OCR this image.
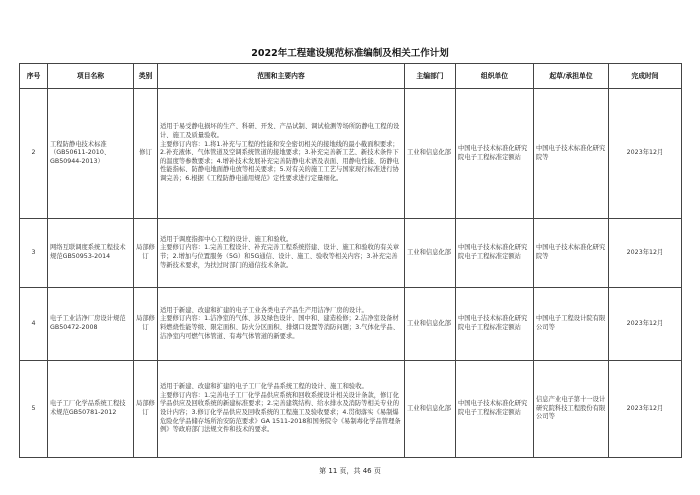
2022年工程建设规范标准编制及相关工作计划
序号	项目名称	类别	范围和主要内容	主编部门	组织单位	起草/承担单位	完成时间
2	工程防静电技术标准（GB50611-2010、GB50944-2013）	修订	适用于易受静电损坏的生产、科研、开发、产品试制、调试检测等场所防静电工程的设计、施工及质量验收。
主要修订内容：1.将1.补充与工程的性能和安全密切相关的接地线的最小截面积要求；2.补充液体、气体管道及空调系统管道的接地要求；3.补充完善新工艺、新技术条件下的温度等参数要求；4.增补技术发展补充完善防静电术语及表面、用静电性能、防静电性能指标、防静电地面静电放等相关要求；5.对有关的施工工艺与国家现行标准进行协调完善；6.根据《工程防静电通用规范》定性要求进行定量细化。	工业和信息化部	中国电子技术标准化研究院电子工程标准定额站	中国电子技术标准化研究院等	2023年12月
3	网络互联调度系统工程技术规范GB50953-2014	局部修订	适用于调度指挥中心工程的设计、施工和验收。
主要修订内容：1.完善工程设计、补充完善工程系统搭建、设计、施工和验收的有关章节；2.增加与位置服务（5G）和5G通信、设计、施工、验收等相关内容；3.补充完善等新技术要求，为扶过时部门的通信技术条款。	工业和信息化部	中国电子技术标准化研究院电子工程标准定额站	中国电子技术标准化研究院等	2023年12月
4	电子工业洁净厂房设计规范GB50472-2008	局部修订	适用于新建、改建和扩建的电子工业各类电子产品生产用洁净厂房的设计。
主要修订内容：1.洁净室的气体、涉及绿色设计、国中和、建造检修；2.洁净室设备材料燃烧性能等级、限定面积、防火分区面积、排烟口设置等消防问题；3.气体化学品、洁净室内可燃气体管道、有毒气体管道的新要求。	工业和信息化部	中国电子技术标准化研究院电子工程标准定额站	中国电子工程设计院有限公司等	2023年12月
5	电子工厂化学品系统工程技术规范GB50781-2012	局部修订	适用于新建、改建和扩建的电子工厂化学品系统工程的设计、施工和验收。
主要修订内容：1.完善电子工厂化学品供应系统和回收系统设计相关设计条款，修订化学品供应及回收系统的新建标准要求；2.完善建筑结构、给水排水及消防等相关专业的设计内容；3.修订化学品供应及回收系统的工程施工及验收要求；4.贯彻落实《易制爆危险化学品储存场所治安防范要求》GA 1511-2018和国务院令《易制毒化学品管理条例》等政府部门法规文件和技术的要求。	工业和信息化部	中国电子技术标准化研究院电子工程标准定额站	信息产业电子第十一设计研究院科技工程股份有限公司等	2023年12月
第 11 页，共 46 页
